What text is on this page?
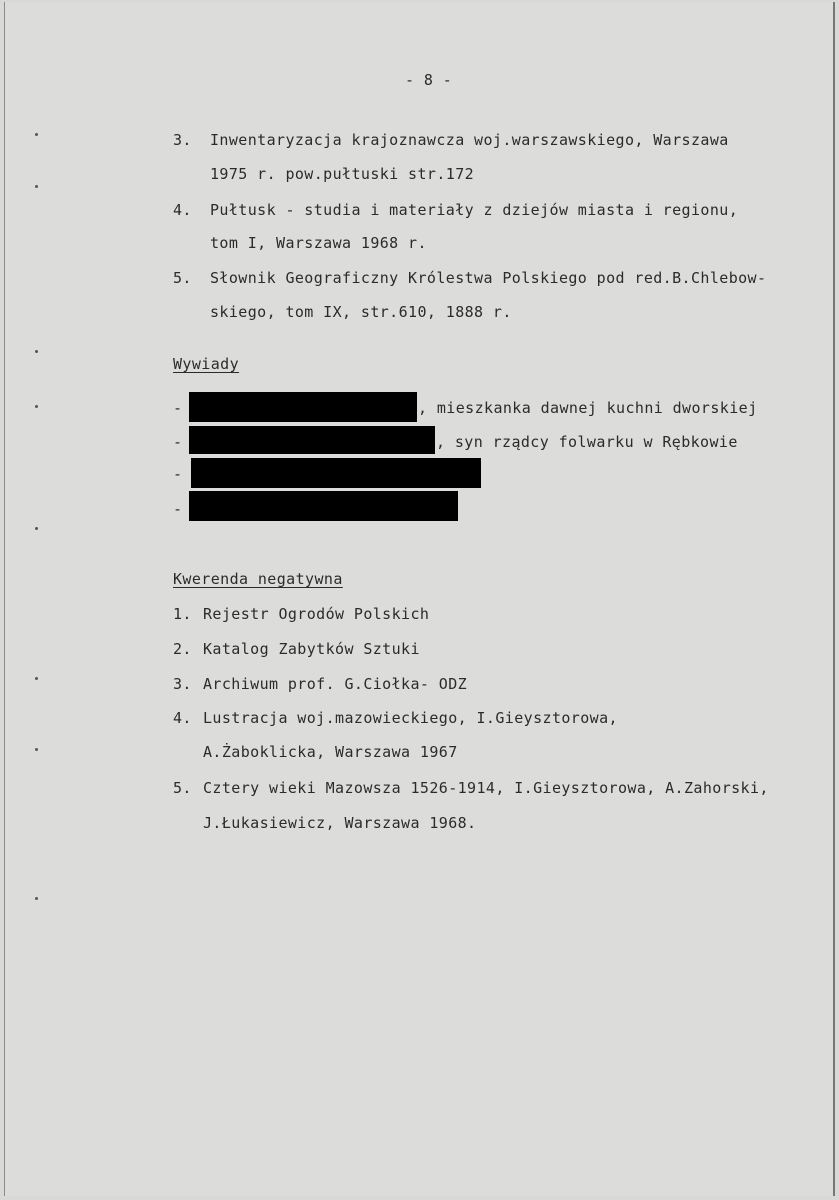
- 8 -
3. Inwentaryzacja krajoznawcza woj.warszawskiego, Warszawa
1975 r. pow.pułtuski str.172
4. Pułtusk - studia i materiały z dziejów miasta i regionu,
tom I, Warszawa 1968 r.
5. Słownik Geograficzny Królestwa Polskiego pod red.B.Chlebow-
skiego, tom IX, str.610, 1888 r.
Wywiady
-	, mieszkanka dawnej kuchni dworskiej
-	, syn rządcy folwarku w Rębkowie
-
-
Kwerenda negatywna
1. Rejestr Ogrodów Polskich
2. Katalog Zabytków Sztuki
3. Archiwum prof. G.Ciołka- ODZ
4. Lustracja woj.mazowieckiego, I.Gieysztorowa,
A.Żaboklicka, Warszawa 1967
5. Cztery wieki Mazowsza 1526-1914, I.Gieysztorowa, A.Zahorski,
J.Łukasiewicz, Warszawa 1968.
